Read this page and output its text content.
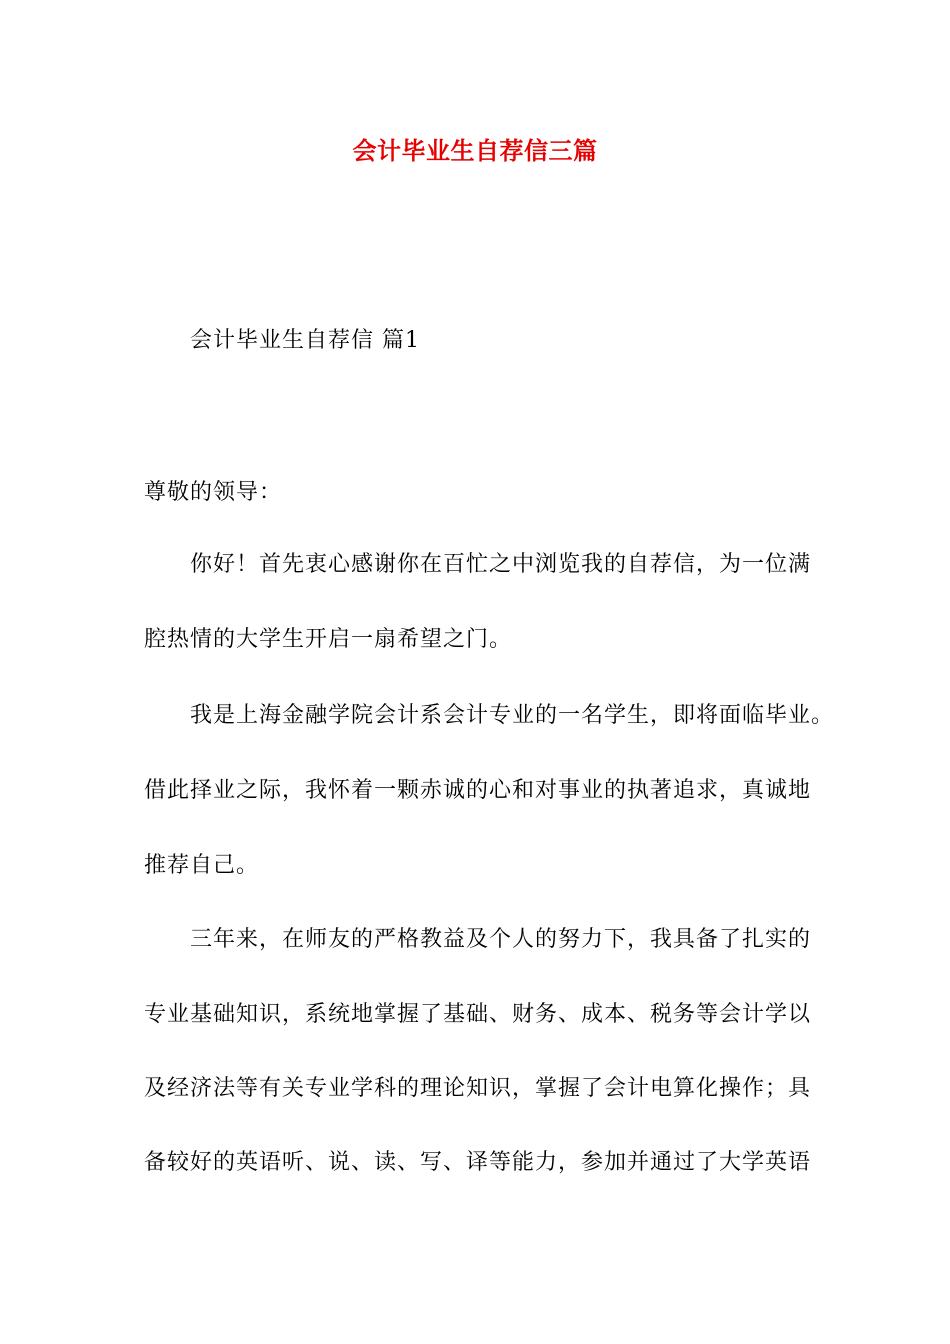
会计毕业生自荐信三篇
会计毕业生自荐信 篇1
尊敬的领导：
你好！首先衷心感谢你在百忙之中浏览我的自荐信，为一位满
腔热情的大学生开启一扇希望之门。
我是上海金融学院会计系会计专业的一名学生，即将面临毕业。
借此择业之际，我怀着一颗赤诚的心和对事业的执著追求，真诚地
推荐自己。
三年来，在师友的严格教益及个人的努力下，我具备了扎实的
专业基础知识，系统地掌握了基础、财务、成本、税务等会计学以
及经济法等有关专业学科的理论知识，掌握了会计电算化操作；具
备较好的英语听、说、读、写、译等能力，参加并通过了大学英语
